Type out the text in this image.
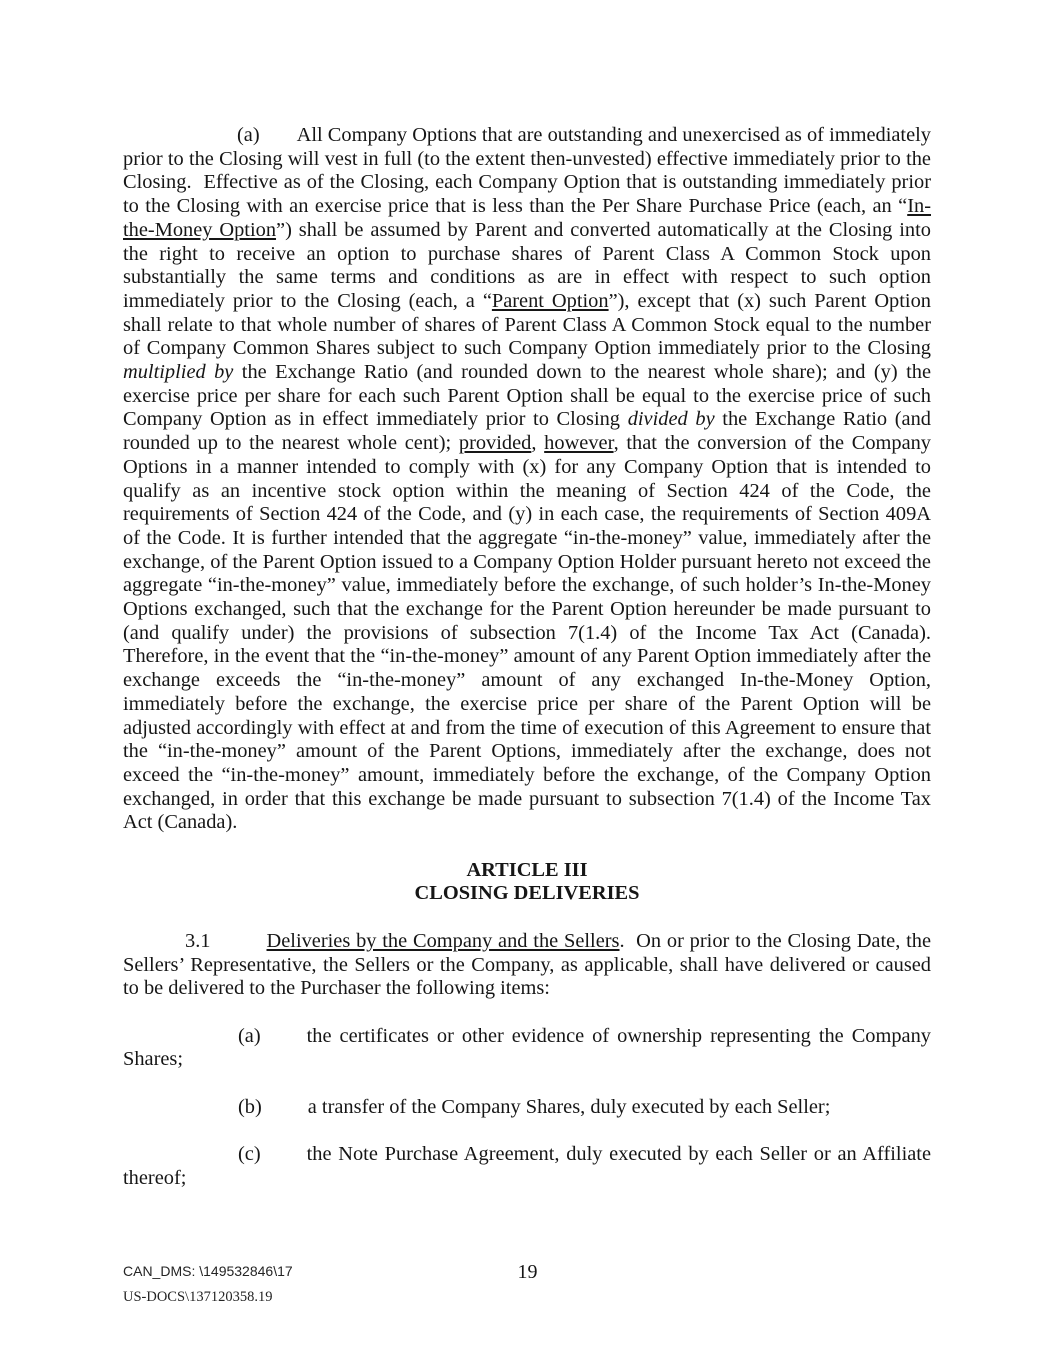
(a) All Company Options that are outstanding and unexercised as of immediately prior to the Closing will vest in full (to the extent then-unvested) effective immediately prior to the Closing.  Effective as of the Closing, each Company Option that is outstanding immediately prior to the Closing with an exercise price that is less than the Per Share Purchase Price (each, an “In-the-Money Option”) shall be assumed by Parent and converted automatically at the Closing into the right to receive an option to purchase shares of Parent Class A Common Stock upon substantially the same terms and conditions as are in effect with respect to such option immediately prior to the Closing (each, a “Parent Option”), except that (x) such Parent Option shall relate to that whole number of shares of Parent Class A Common Stock equal to the number of Company Common Shares subject to such Company Option immediately prior to the Closing multiplied by the Exchange Ratio (and rounded down to the nearest whole share); and (y) the exercise price per share for each such Parent Option shall be equal to the exercise price of such Company Option as in effect immediately prior to Closing divided by the Exchange Ratio (and rounded up to the nearest whole cent); provided, however, that the conversion of the Company Options in a manner intended to comply with (x) for any Company Option that is intended to qualify as an incentive stock option within the meaning of Section 424 of the Code, the requirements of Section 424 of the Code, and (y) in each case, the requirements of Section 409A of the Code. It is further intended that the aggregate “in-the-money” value, immediately after the exchange, of the Parent Option issued to a Company Option Holder pursuant hereto not exceed the aggregate “in-the-money” value, immediately before the exchange, of such holder’s In-the-Money Options exchanged, such that the exchange for the Parent Option hereunder be made pursuant to (and qualify under) the provisions of subsection 7(1.4) of the Income Tax Act (Canada).  Therefore, in the event that the “in-the-money” amount of any Parent Option immediately after the exchange exceeds the “in-the-money” amount of any exchanged In-the-Money Option, immediately before the exchange, the exercise price per share of the Parent Option will be adjusted accordingly with effect at and from the time of execution of this Agreement to ensure that the “in-the-money” amount of the Parent Options, immediately after the exchange, does not exceed the “in-the-money” amount, immediately before the exchange, of the Company Option exchanged, in order that this exchange be made pursuant to subsection 7(1.4) of the Income Tax Act (Canada).

ARTICLE III
CLOSING DELIVERIES

3.1	Deliveries by the Company and the Sellers.  On or prior to the Closing Date, the Sellers’ Representative, the Sellers or the Company, as applicable, shall have delivered or caused to be delivered to the Purchaser the following items:

(a) the certificates or other evidence of ownership representing the Company Shares;

(b) a transfer of the Company Shares, duly executed by each Seller;

(c) the Note Purchase Agreement, duly executed by each Seller or an Affiliate thereof;

CAN_DMS: \149532846\17
US-DOCS\137120358.19
19
